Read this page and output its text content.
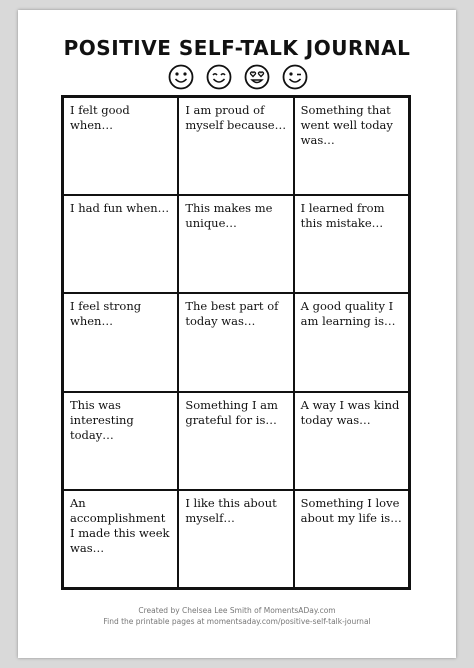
POSITIVE SELF-TALK JOURNAL
I felt good when…
I am proud of myself because…
Something that went well today was…
I had fun when…	This makes me unique…
I learned from this mistake…
I feel strong when…
The best part of today was…
A good quality I am learning is…
This was interesting today…
Something I am grateful for is…
A way I was kind today was…
An accomplishment I made this week was…
I like this about myself…
Something I love about my life is…
Created by Chelsea Lee Smith of MomentsADay.com
Find the printable pages at momentsaday.com/positive-self-talk-journal
